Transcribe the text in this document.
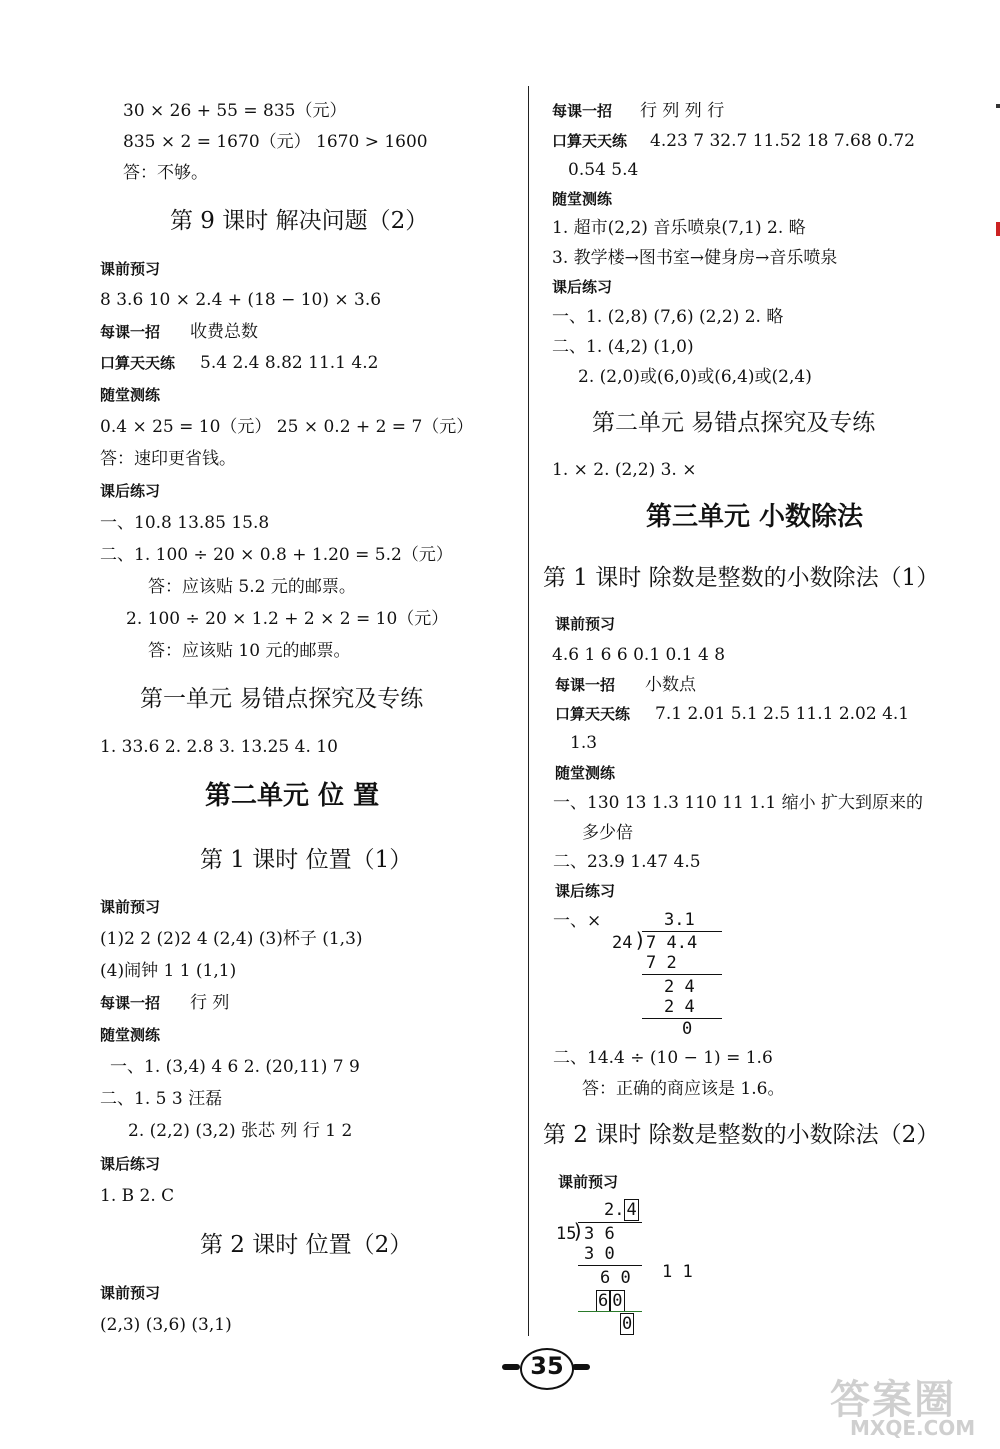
30 × 26 + 55 = 835（元）
835 × 2 = 1670（元） 1670 > 1600
答：不够。
第 9 课时 解决问题（2）
课前预习
8 3.6 10 × 2.4 + (18 − 10) × 3.6
每课一招 收费总数
口算天天练 5.4 2.4 8.82 11.1 4.2
随堂测练
0.4 × 25 = 10（元） 25 × 0.2 + 2 = 7（元）
答：速印更省钱。
课后练习
一、10.8 13.85 15.8
二、1. 100 ÷ 20 × 0.8 + 1.20 = 5.2（元）
答：应该贴 5.2 元的邮票。
2. 100 ÷ 20 × 1.2 + 2 × 2 = 10（元）
答：应该贴 10 元的邮票。
第一单元 易错点探究及专练
1. 33.6 2. 2.8 3. 13.25 4. 10
第二单元 位 置
第 1 课时 位置（1）
课前预习
(1)2 2 (2)2 4 (2,4) (3)杯子 (1,3)
(4)闹钟 1 1 (1,1)
每课一招 行 列
随堂测练
一、1. (3,4) 4 6 2. (20,11) 7 9
二、1. 5 3 汪磊
2. (2,2) (3,2) 张芯 列 行 1 2
课后练习
1. B 2. C
第 2 课时 位置（2）
课前预习
(2,3) (3,6) (3,1)
每课一招 行 列 列 行
口算天天练 4.23 7 32.7 11.52 18 7.68 0.72
0.54 5.4
随堂测练
1. 超市(2,2) 音乐喷泉(7,1) 2. 略
3. 教学楼→图书室→健身房→音乐喷泉
课后练习
一、1. (2,8) (7,6) (2,2) 2. 略
二、1. (4,2) (1,0)
2. (2,0)或(6,0)或(6,4)或(2,4)
第二单元 易错点探究及专练
1. × 2. (2,2) 3. ×
第三单元 小数除法
第 1 课时 除数是整数的小数除法（1）
课前预习
4.6 1 6 6 0.1 0.1 4 8
每课一招 小数点
口算天天练 7.1 2.01 5.1 2.5 11.1 2.02 4.1
1.3
随堂测练
一、130 13 1.3 110 11 1.1 缩小 扩大到原来的
多少倍
二、23.9 1.47 4.5
课后练习
一、×	3.1
24 ) 7 4.4
7 2
2 4
2 4
0
二、14.4 ÷ (10 − 1) = 1.6
答：正确的商应该是 1.6。
第 2 课时 除数是整数的小数除法（2）
课前预习
2. 4
15
) 3 6
3 0
6 0 1 1
6 0
0
35
答案圈
MXQE.COM
